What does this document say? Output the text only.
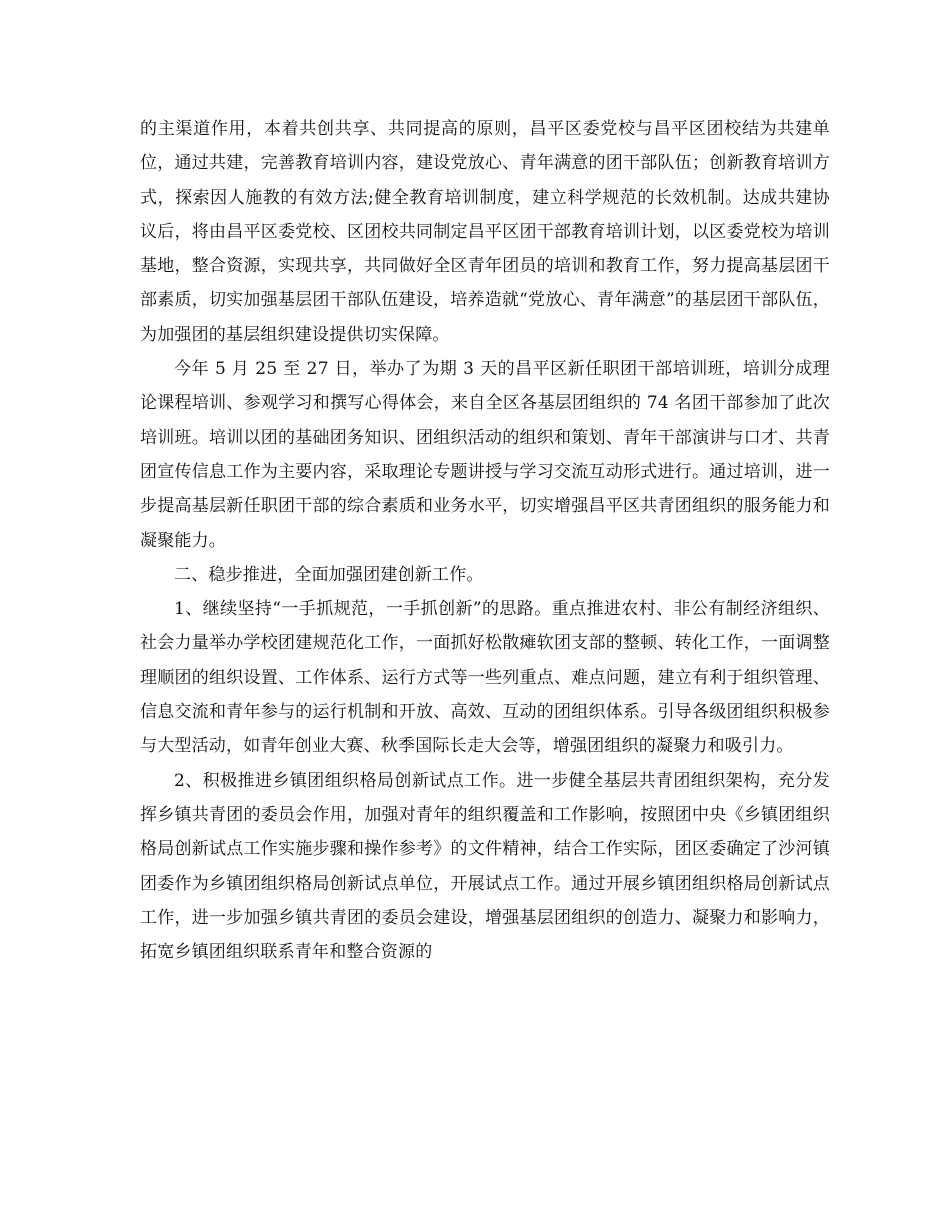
的主渠道作用，本着共创共享、共同提高的原则，昌平区委党校与昌平区团校结为共建单位，通过共建，完善教育培训内容，建设党放心、青年满意的团干部队伍；创新教育培训方式，探索因人施教的有效方法;健全教育培训制度，建立科学规范的长效机制。达成共建协议后，将由昌平区委党校、区团校共同制定昌平区团干部教育培训计划，以区委党校为培训基地，整合资源，实现共享，共同做好全区青年团员的培训和教育工作，努力提高基层团干部素质，切实加强基层团干部队伍建设，培养造就“党放心、青年满意”的基层团干部队伍，为加强团的基层组织建设提供切实保障。

今年 5 月 25 至 27 日，举办了为期 3 天的昌平区新任职团干部培训班，培训分成理论课程培训、参观学习和撰写心得体会，来自全区各基层团组织的 74 名团干部参加了此次培训班。培训以团的基础团务知识、团组织活动的组织和策划、青年干部演讲与口才、共青团宣传信息工作为主要内容，采取理论专题讲授与学习交流互动形式进行。通过培训，进一步提高基层新任职团干部的综合素质和业务水平，切实增强昌平区共青团组织的服务能力和凝聚能力。

二、稳步推进，全面加强团建创新工作。

1、继续坚持“一手抓规范，一手抓创新”的思路。重点推进农村、非公有制经济组织、社会力量举办学校团建规范化工作，一面抓好松散瘫软团支部的整顿、转化工作，一面调整理顺团的组织设置、工作体系、运行方式等一些列重点、难点问题，建立有利于组织管理、信息交流和青年参与的运行机制和开放、高效、互动的团组织体系。引导各级团组织积极参与大型活动，如青年创业大赛、秋季国际长走大会等，增强团组织的凝聚力和吸引力。

2、积极推进乡镇团组织格局创新试点工作。进一步健全基层共青团组织架构，充分发挥乡镇共青团的委员会作用，加强对青年的组织覆盖和工作影响，按照团中央《乡镇团组织格局创新试点工作实施步骤和操作参考》的文件精神，结合工作实际，团区委确定了沙河镇团委作为乡镇团组织格局创新试点单位，开展试点工作。通过开展乡镇团组织格局创新试点工作，进一步加强乡镇共青团的委员会建设，增强基层团组织的创造力、凝聚力和影响力，拓宽乡镇团组织联系青年和整合资源的
